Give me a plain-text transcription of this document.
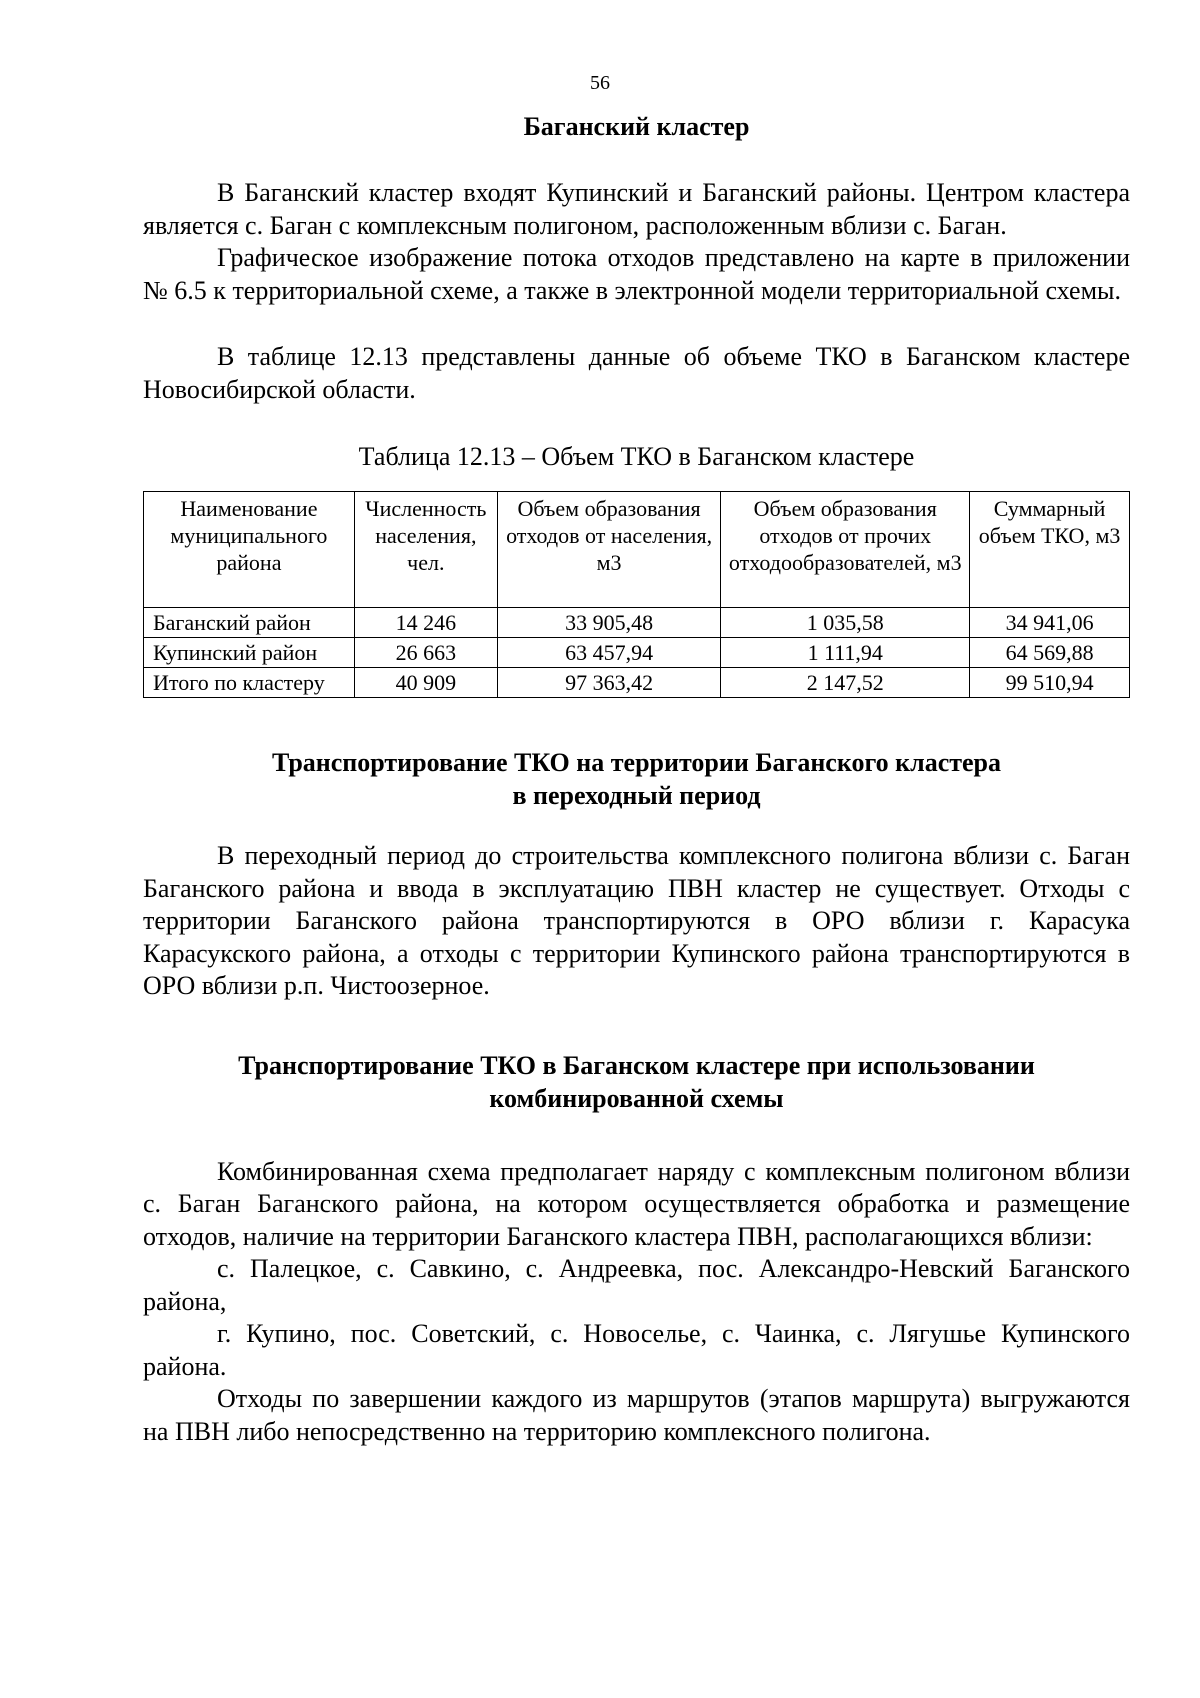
56

Баганский кластер

В Баганский кластер входят Купинский и Баганский районы. Центром кластера является с. Баган с комплексным полигоном, расположенным вблизи с. Баган.

Графическое изображение потока отходов представлено на карте в приложении № 6.5 к территориальной схеме, а также в электронной модели территориальной схемы.

В таблице 12.13 представлены данные об объеме ТКО в Баганском кластере Новосибирской области.

Таблица 12.13 – Объем ТКО в Баганском кластере

Наименование муниципального района	Численность населения, чел.	Объем образования отходов от населения, м3	Объем образования отходов от прочих отходообразователей, м3	Суммарный объем ТКО, м3
Баганский район	14 246	33 905,48	1 035,58	34 941,06
Купинский район	26 663	63 457,94	1 111,94	64 569,88
Итого по кластеру	40 909	97 363,42	2 147,52	99 510,94

Транспортирование ТКО на территории Баганского кластера

в переходный период

В переходный период до строительства комплексного полигона вблизи с. Баган Баганского района и ввода в эксплуатацию ПВН кластер не существует. Отходы с территории Баганского района транспортируются в ОРО вблизи г. Карасука Карасукского района, а отходы с территории Купинского района транспортируются в ОРО вблизи р.п. Чистоозерное.

Транспортирование ТКО в Баганском кластере при использовании

комбинированной схемы

Комбинированная схема предполагает наряду с комплексным полигоном вблизи с. Баган Баганского района, на котором осуществляется обработка и размещение отходов, наличие на территории Баганского кластера ПВН, располагающихся вблизи:

с. Палецкое, с. Савкино, с. Андреевка, пос. Александро-Невский Баганского района,

г. Купино, пос. Советский, с. Новоселье, с. Чаинка, с. Лягушье Купинского района.

Отходы по завершении каждого из маршрутов (этапов маршрута) выгружаются на ПВН либо непосредственно на территорию комплексного полигона.
